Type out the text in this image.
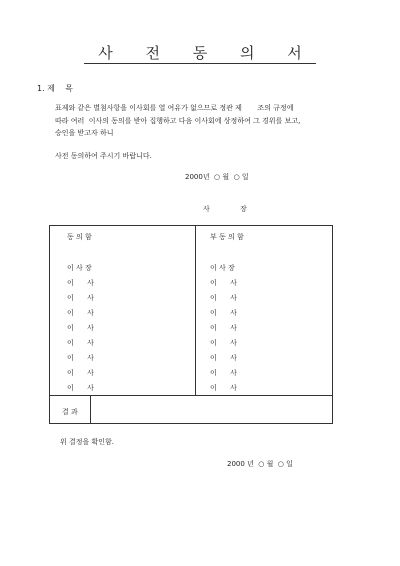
사 전 동 의 서
1. 제    목
표제와 같은 별첨사항을 이사회를 열 여유가 없으므로 정관 제       조의 규정에
따라 여러  이사의 동의를 받아 집행하고 다음 이사회에 상정하여 그 경위를 보고,
승인을 받고자 하니
사전 동의하여 주시기 바랍니다.
2000년  ○ 월  ○ 일
사 장
동 의 함	부 동 의 함
이 사 장
이      사
이      사
이      사
이      사
이      사
이      사
이      사
이      사
이 사 장
이      사
이      사
이      사
이      사
이      사
이      사
이      사
이      사
결 과
위 결정을 확인함.
2000 년  ○ 월  ○ 일
